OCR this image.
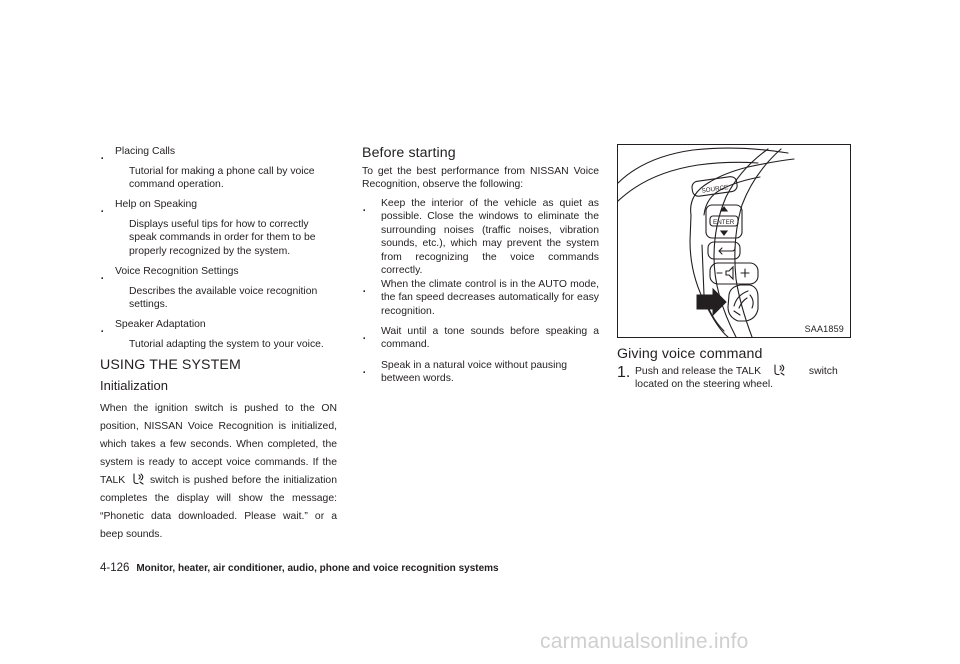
. Placing Calls

Tutorial for making a phone call by voice command operation.

. Help on Speaking

Displays useful tips for how to correctly speak commands in order for them to be properly recognized by the system.

. Voice Recognition Settings

Describes the available voice recognition settings.

. Speaker Adaptation

Tutorial adapting the system to your voice.

USING THE SYSTEM
Initialization

When the ignition switch is pushed to the ON position, NISSAN Voice Recognition is initialized, which takes a few seconds. When completed, the system is ready to accept voice commands. If the TALK

switch is pushed before the initialization completes the display will show the message: “Phonetic data downloaded. Please wait.” or a beep sounds.

Before starting

To get the best performance from NISSAN Voice Recognition, observe the following:

. Keep the interior of the vehicle as quiet as possible. Close the windows to eliminate the surrounding noises (traffic noises, vibration sounds, etc.), which may prevent the system from recognizing the voice commands correctly.

. When the climate control is in the AUTO mode, the fan speed decreases automatically for easy recognition.

. Wait until a tone sounds before speaking a command.

. Speak in a natural voice without pausing between words.

SOURCE
ENTER
SAA1859
Giving voice command
1. Push and release the TALK	switch
located on the steering wheel.

4-126 Monitor, heater, air conditioner, audio, phone and voice recognition systems
carmanualsonline.info
